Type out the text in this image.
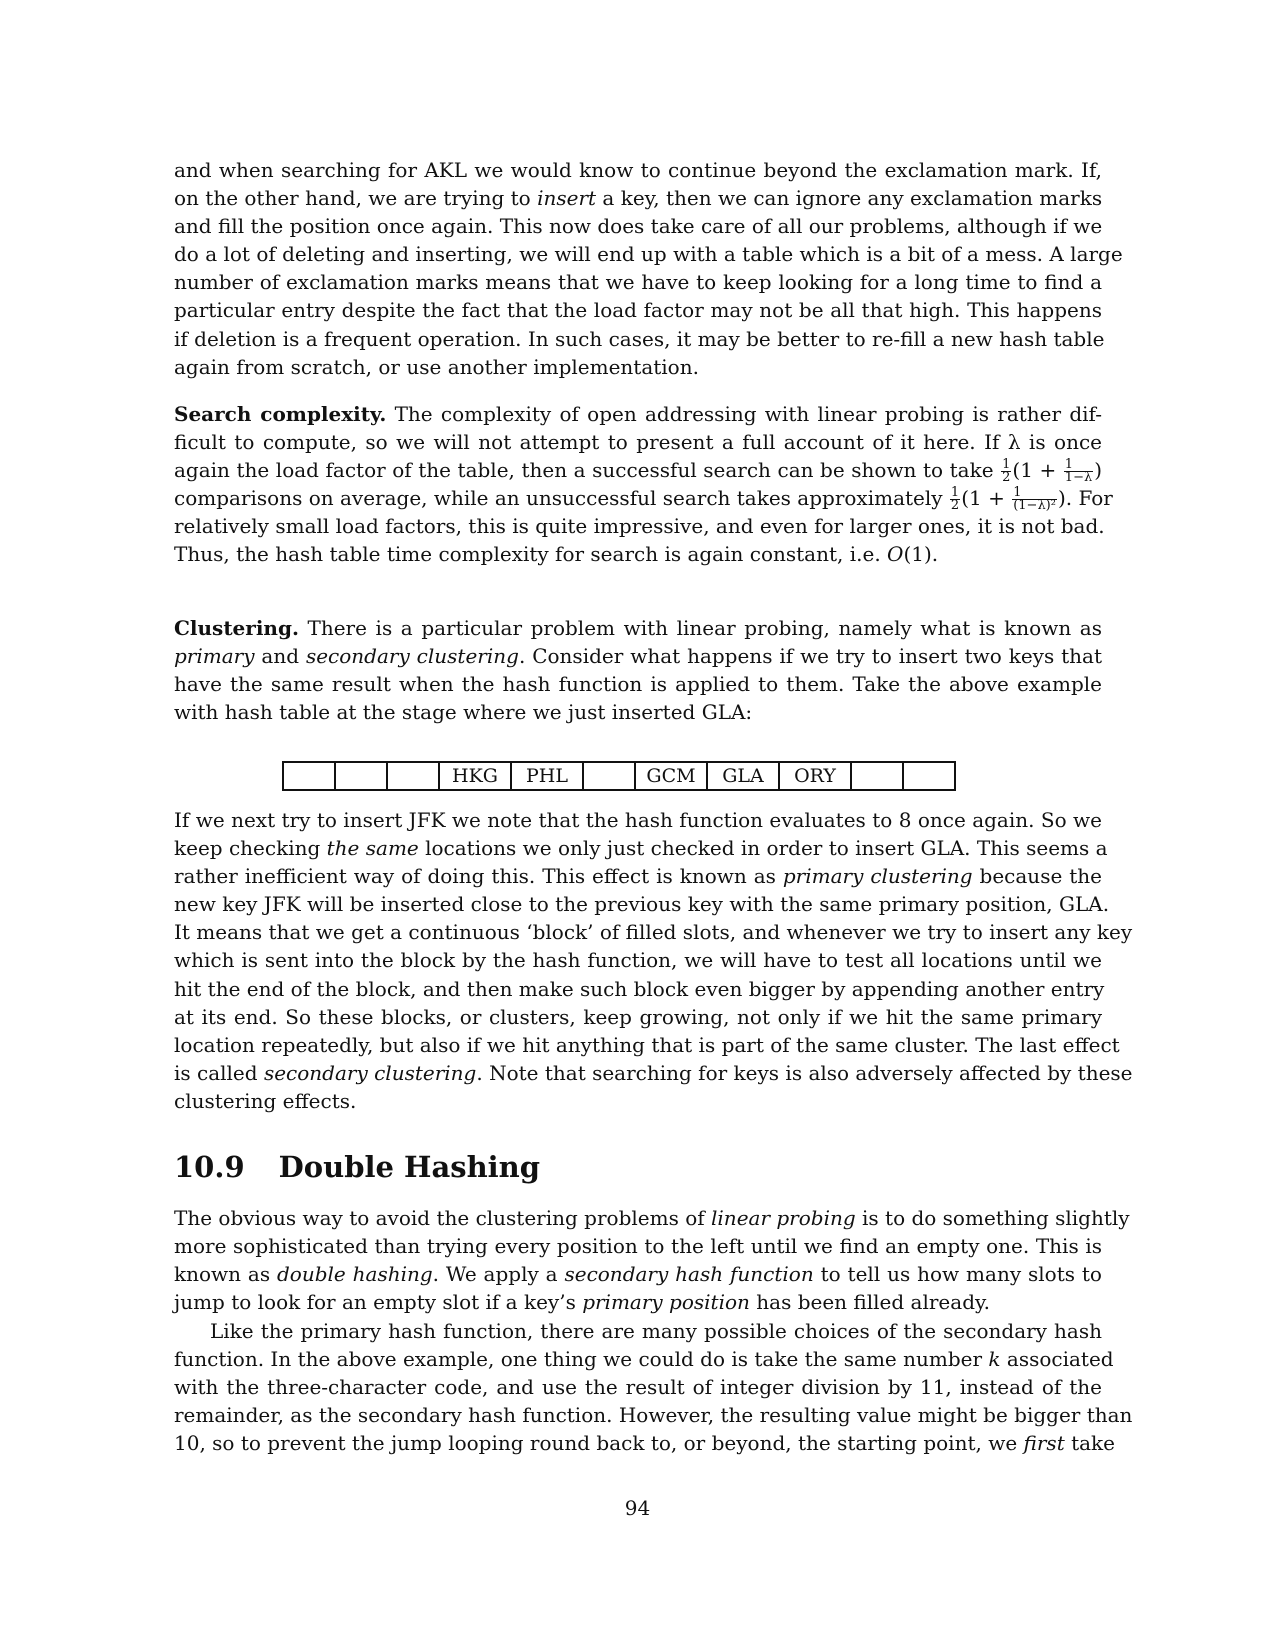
and when searching for AKL we would know to continue beyond the exclamation mark. If,
on the other hand, we are trying to insert a key, then we can ignore any exclamation marks
and fill the position once again. This now does take care of all our problems, although if we
do a lot of deleting and inserting, we will end up with a table which is a bit of a mess. A large
number of exclamation marks means that we have to keep looking for a long time to find a
particular entry despite the fact that the load factor may not be all that high. This happens
if deletion is a frequent operation. In such cases, it may be better to re-fill a new hash table
again from scratch, or use another implementation.
Search complexity. The complexity of open addressing with linear probing is rather dif-
ficult to compute, so we will not attempt to present a full account of it here. If λ is once
again the load factor of the table, then a successful search can be shown to take $\frac{1}{2} (1 + \frac{1}{1-\lambda}$ )
comparisons on average, while an unsuccessful search takes approximately $\frac{1}{2} (1 + \frac{1}{\text{(1−λ)²}}$ ). For
relatively small load factors, this is quite impressive, and even for larger ones, it is not bad.
Thus, the hash table time complexity for search is again constant, i.e. O(1).
Clustering. There is a particular problem with linear probing, namely what is known as
primary and secondary clustering. Consider what happens if we try to insert two keys that
have the same result when the hash function is applied to them. Take the above example
with hash table at the stage where we just inserted GLA:
			HKG	PHL		GCM	GLA	ORY		
If we next try to insert JFK we note that the hash function evaluates to 8 once again. So we
keep checking the same locations we only just checked in order to insert GLA. This seems a
rather inefficient way of doing this. This effect is known as primary clustering because the
new key JFK will be inserted close to the previous key with the same primary position, GLA.
It means that we get a continuous ‘block’ of filled slots, and whenever we try to insert any key
which is sent into the block by the hash function, we will have to test all locations until we
hit the end of the block, and then make such block even bigger by appending another entry
at its end. So these blocks, or clusters, keep growing, not only if we hit the same primary
location repeatedly, but also if we hit anything that is part of the same cluster. The last effect
is called secondary clustering. Note that searching for keys is also adversely affected by these
clustering effects.
10.9 Double Hashing
The obvious way to avoid the clustering problems of linear probing is to do something slightly
more sophisticated than trying every position to the left until we find an empty one. This is
known as double hashing. We apply a secondary hash function to tell us how many slots to
jump to look for an empty slot if a key’s primary position has been filled already.
Like the primary hash function, there are many possible choices of the secondary hash
function. In the above example, one thing we could do is take the same number k associated
with the three-character code, and use the result of integer division by 11, instead of the
remainder, as the secondary hash function. However, the resulting value might be bigger than
10, so to prevent the jump looping round back to, or beyond, the starting point, we first take
94
